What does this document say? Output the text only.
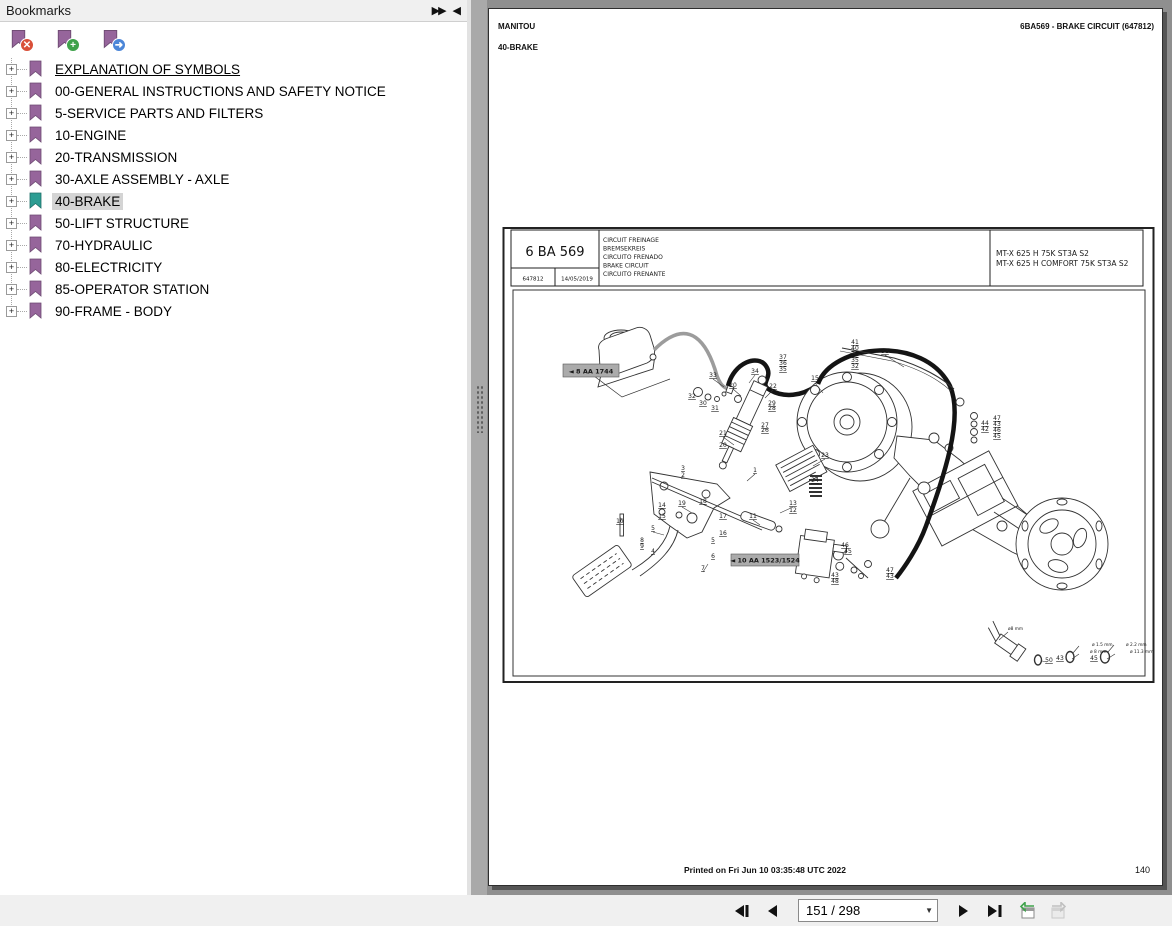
Bookmarks	▶▶ ◀
✕	+	➜
+	EXPLANATION OF SYMBOLS
+	00-GENERAL INSTRUCTIONS AND SAFETY NOTICE
+	5-SERVICE PARTS AND FILTERS
+	10-ENGINE
+	20-TRANSMISSION
+	30-AXLE ASSEMBLY - AXLE
+	40-BRAKE
+	50-LIFT STRUCTURE
+	70-HYDRAULIC
+	80-ELECTRICITY
+	85-OPERATOR STATION
+	90-FRAME - BODY
MANITOU	6BA569 - BRAKE CIRCUIT (647812)
40-BRAKE
6 BA 569
647812	14/05/2019
CIRCUIT FREINAGE
BREMSEKREIS
CIRCUITO FRENADO
BRAKE CIRCUIT
CIRCUITO FRENANTE
MT-X 625 H 75K ST3A S2
MT-X 625 H COMFORT 75K ST3A S2
◄ 8 AA 1744
◄ 10 AA 1523/1524
33
34
37
36
35
32
30
31
20	22
29
28
27
26
21
20
23
24
15
41
40
39
35
32
38
47
43
46
45
44
42
10
14
15
19 18
17
16
13
12
11
5
8
9
4
5
6
7
3
2
1
46
45
47
43
43
48
50 43	45
ø8 mm
ø 1.5 mm
ø 8 mm
ø 2.2 mm
ø 11.3 mm
Printed on Fri Jun 10 03:35:48 UTC 2022	140
151 / 298
▼
